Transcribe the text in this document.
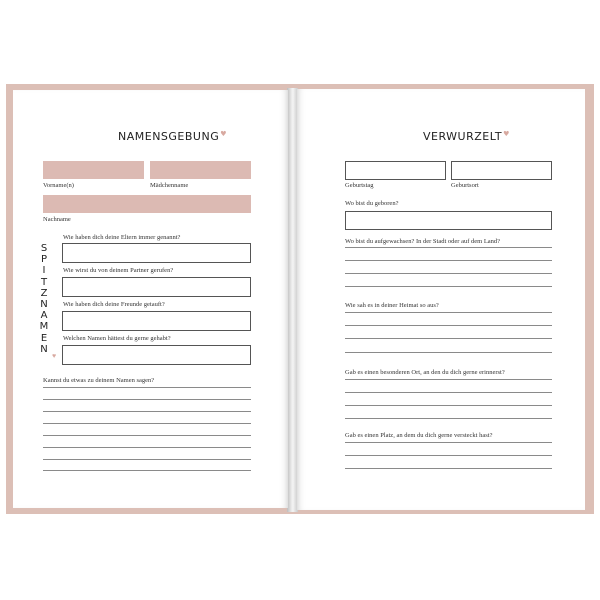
NAMENSGEBUNG♥
Vorname(n)	Mädchenname
Nachname
S
P
I
T
Z
N
A
M
E
N
♥
Wie haben dich deine Eltern immer genannt?
Wie wirst du von deinem Partner gerufen?
Wie haben dich deine Freunde getauft?
Welchen Namen hättest du gerne gehabt?
Kannst du etwas zu deinem Namen sagen?
VERWURZELT♥
Geburtstag	Geburtsort
Wo bist du geboren?
Wo bist du aufgewachsen? In der Stadt oder auf dem Land?
Wie sah es in deiner Heimat so aus?
Gab es einen besonderen Ort, an den du dich gerne erinnerst?
Gab es einen Platz, an dem du dich gerne versteckt hast?
